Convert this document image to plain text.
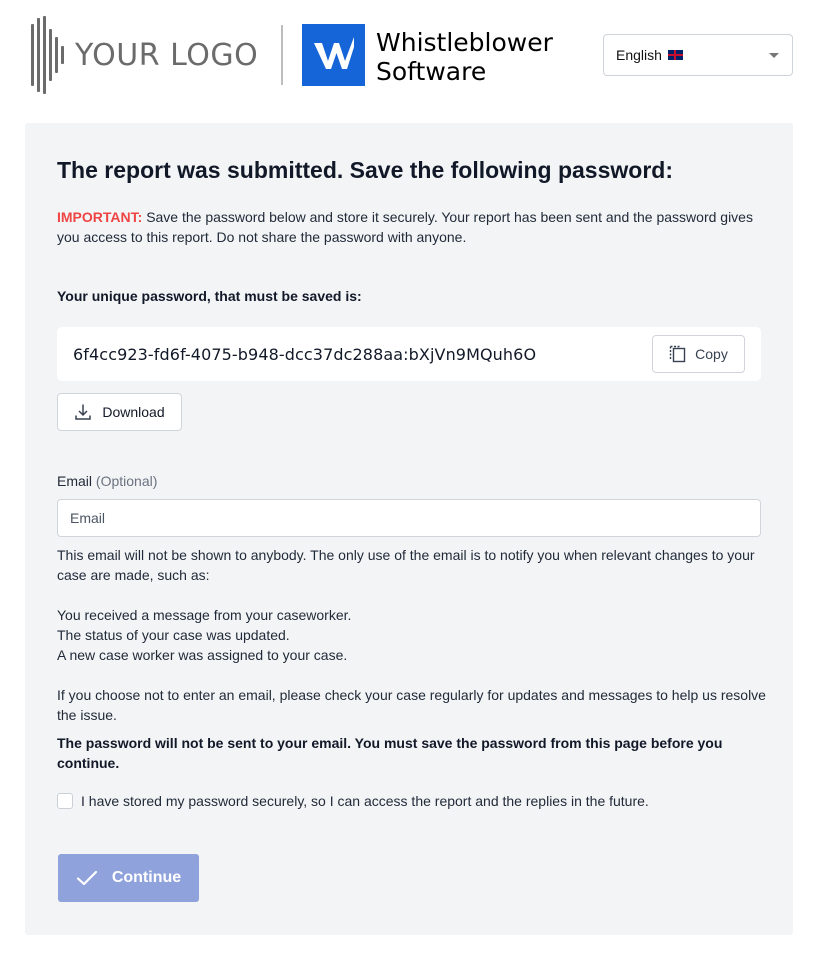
YOUR LOGO	Whistleblower
Software
English
The report was submitted. Save the following password:

IMPORTANT: Save the password below and store it securely. Your report has been sent and the password gives you access to this report. Do not share the password with anyone.

Your unique password, that must be saved is:
6f4cc923-fd6f-4075-b948-dcc37dc288aa:bXjVn9MQuh6O	Copy
Download
Email (Optional)
Email

This email will not be shown to anybody. The only use of the email is to notify you when relevant changes to your case are made, such as:

You received a message from your caseworker.
The status of your case was updated.
A new case worker was assigned to your case.

If you choose not to enter an email, please check your case regularly for updates and messages to help us resolve the issue.

The password will not be sent to your email. You must save the password from this page before you continue.

I have stored my password securely, so I can access the report and the replies in the future.
Continue
